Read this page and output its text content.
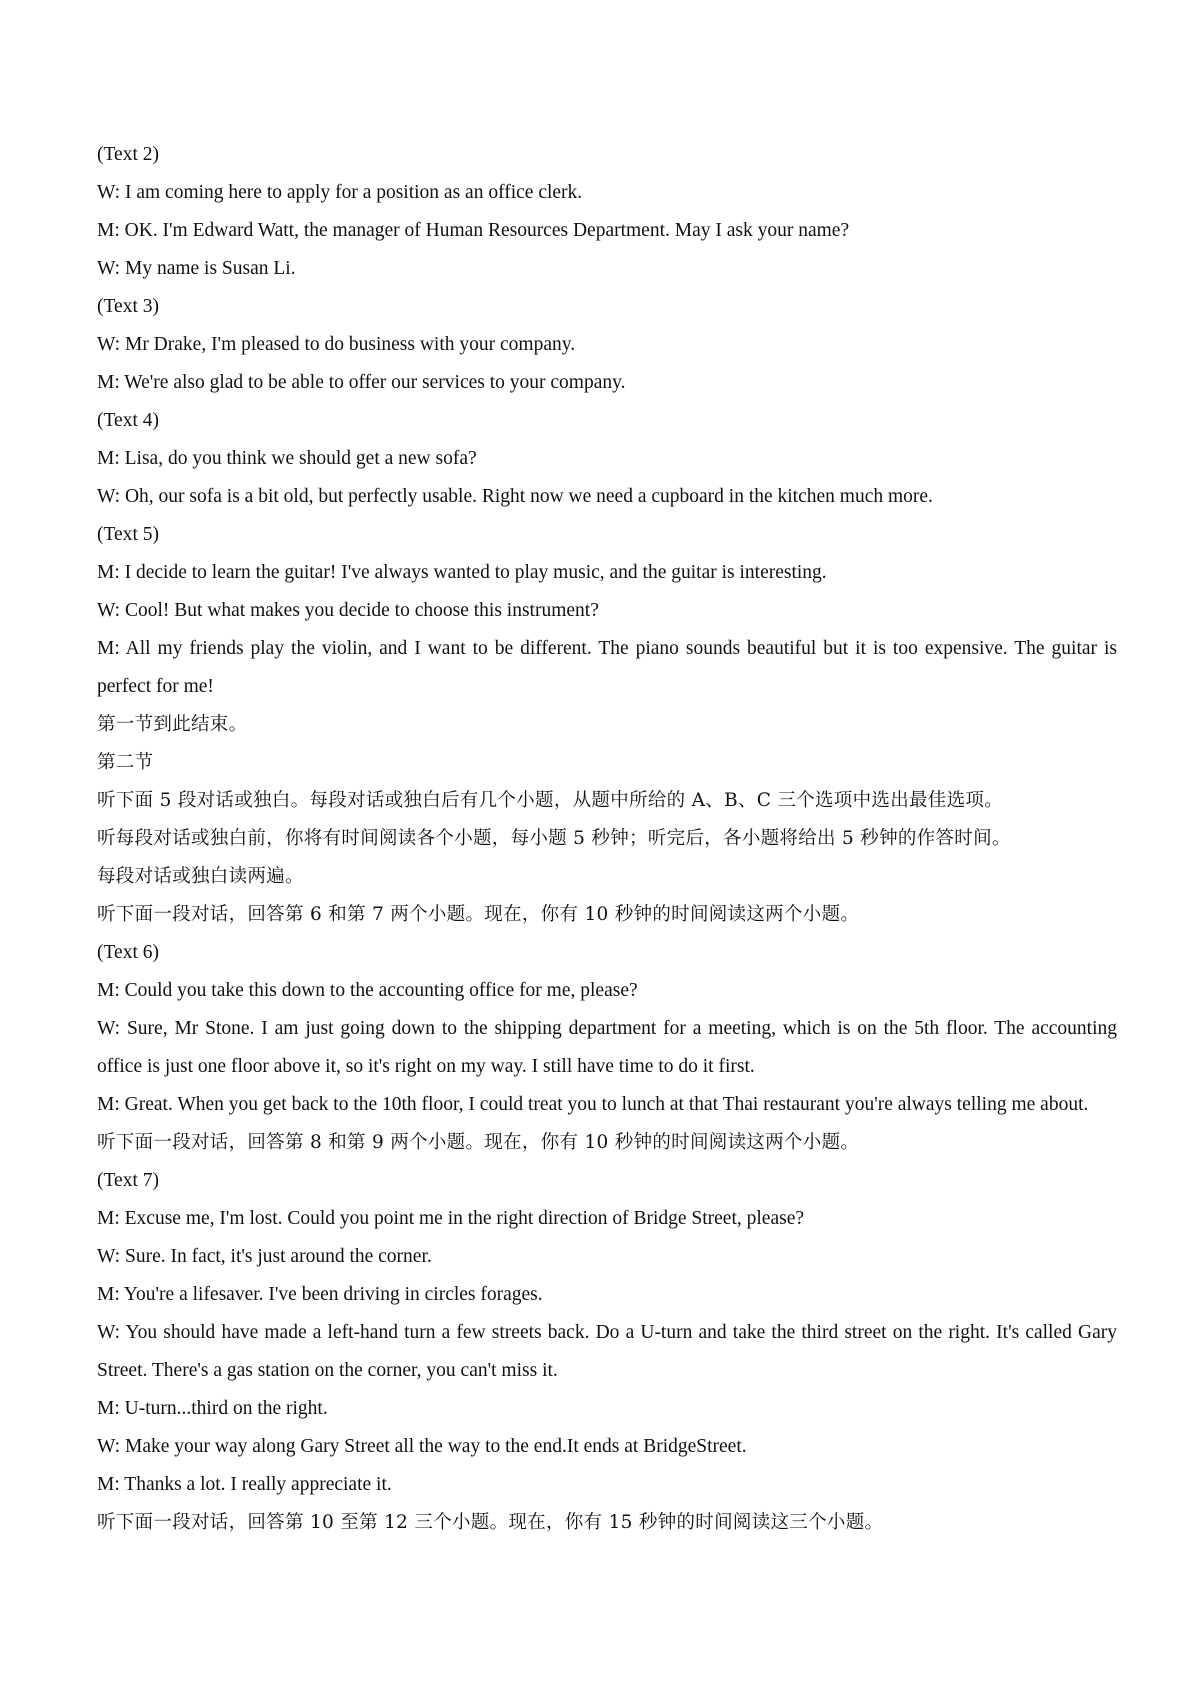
(Text 2)
W: I am coming here to apply for a position as an office clerk.
M: OK. I'm Edward Watt, the manager of Human Resources Department. May I ask your name?
W: My name is Susan Li.
(Text 3)
W: Mr Drake, I'm pleased to do business with your company.
M: We're also glad to be able to offer our services to your company.
(Text 4)
M: Lisa, do you think we should get a new sofa?
W: Oh, our sofa is a bit old, but perfectly usable. Right now we need a cupboard in the kitchen much more.
(Text 5)
M: I decide to learn the guitar! I've always wanted to play music, and the guitar is interesting.
W: Cool! But what makes you decide to choose this instrument?
M: All my friends play the violin, and I want to be different. The piano sounds beautiful but it is too expensive. The guitar is perfect for me!
第一节到此结束。
第二节
听下面 5 段对话或独白。每段对话或独白后有几个小题，从题中所给的 A、B、C 三个选项中选出最佳选项。
听每段对话或独白前，你将有时间阅读各个小题，每小题 5 秒钟；听完后，各小题将给出 5 秒钟的作答时间。
每段对话或独白读两遍。
听下面一段对话，回答第 6 和第 7 两个小题。现在，你有 10 秒钟的时间阅读这两个小题。
(Text 6)
M: Could you take this down to the accounting office for me, please?
W: Sure, Mr Stone. I am just going down to the shipping department for a meeting, which is on the 5th floor. The accounting office is just one floor above it, so it's right on my way. I still have time to do it first.
M: Great. When you get back to the 10th floor, I could treat you to lunch at that Thai restaurant you're always telling me about.
听下面一段对话，回答第 8 和第 9 两个小题。现在，你有 10 秒钟的时间阅读这两个小题。
(Text 7)
M: Excuse me, I'm lost. Could you point me in the right direction of Bridge Street, please?
W: Sure. In fact, it's just around the corner.
M: You're a lifesaver. I've been driving in circles forages.
W: You should have made a left-hand turn a few streets back. Do a U-turn and take the third street on the right. It's called Gary Street. There's a gas station on the corner, you can't miss it.
M: U-turn...third on the right.
W: Make your way along Gary Street all the way to the end.It ends at BridgeStreet.
M: Thanks a lot. I really appreciate it.
听下面一段对话，回答第 10 至第 12 三个小题。现在，你有 15 秒钟的时间阅读这三个小题。
